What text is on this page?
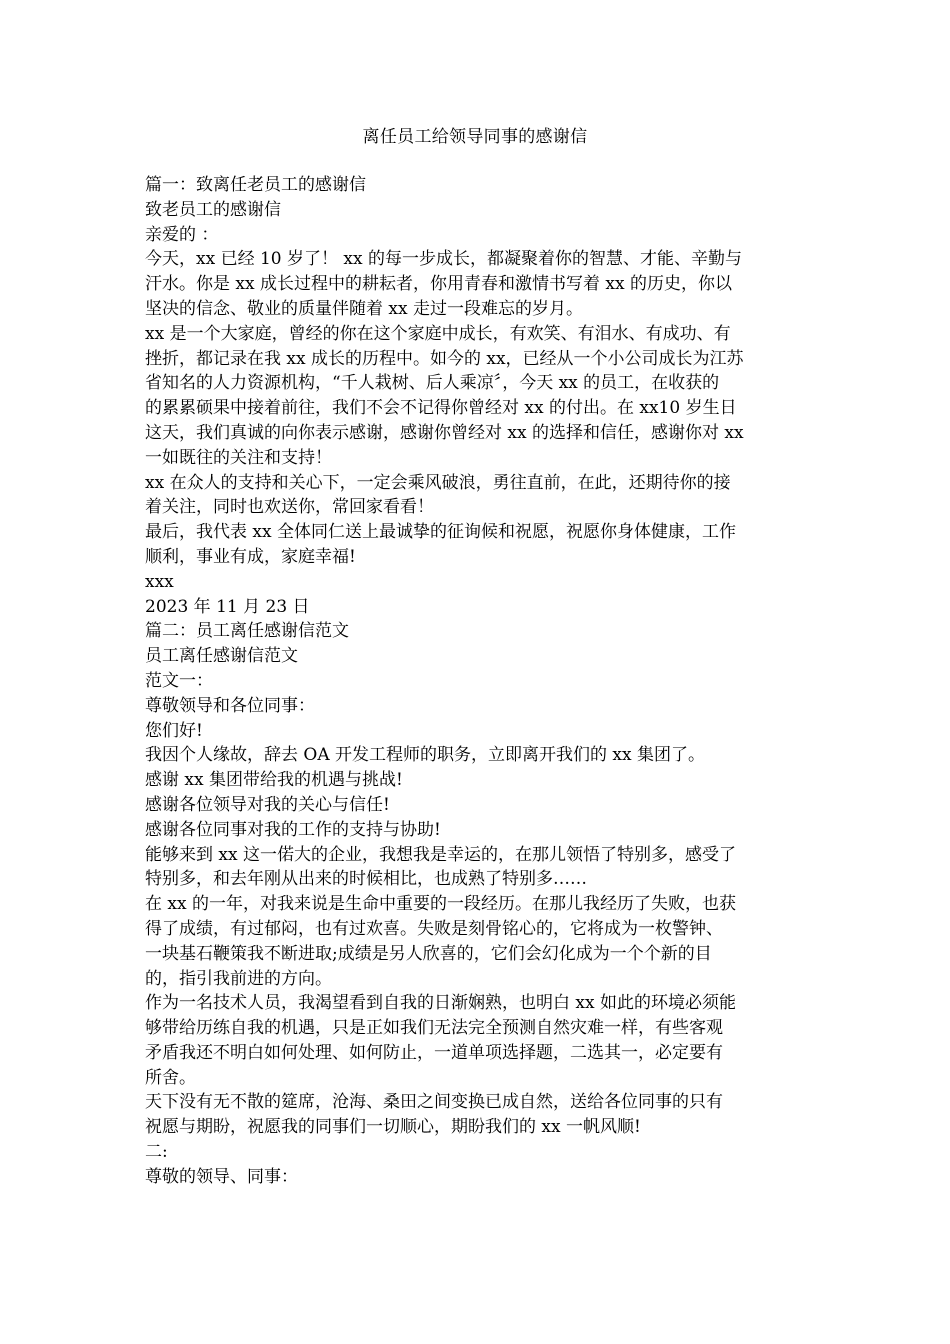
离任员工给领导同事的感谢信
篇一：致离任老员工的感谢信
致老员工的感谢信
亲爱的 ：
今天，xx 已经 10 岁了！ xx 的每一步成长，都凝聚着你的智慧、才能、辛勤与
汗水。你是 xx 成长过程中的耕耘者，你用青春和激情书写着 xx 的历史，你以
坚决的信念、敬业的质量伴随着 xx 走过一段难忘的岁月。
xx 是一个大家庭，曾经的你在这个家庭中成长，有欢笑、有泪水、有成功、有
挫折，都记录在我 xx 成长的历程中。如今的 xx，已经从一个小公司成长为江苏
省知名的人力资源机构，“千人栽树、后人乘凉〞，今天 xx 的员工，在收获的
的累累硕果中接着前往，我们不会不记得你曾经对 xx 的付出。在 xx10 岁生日
这天，我们真诚的向你表示感谢，感谢你曾经对 xx 的选择和信任，感谢你对 xx
一如既往的关注和支持！
xx 在众人的支持和关心下，一定会乘风破浪，勇往直前，在此，还期待你的接
着关注，同时也欢送你，常回家看看！
最后，我代表 xx 全体同仁送上最诚挚的征询候和祝愿，祝愿你身体健康，工作
顺利，事业有成，家庭幸福!
xxx
2023 年 11 月 23 日
篇二：员工离任感谢信范文
员工离任感谢信范文
范文一：
尊敬领导和各位同事：
您们好!
我因个人缘故，辞去 OA 开发工程师的职务，立即离开我们的 xx 集团了。
感谢 xx 集团带给我的机遇与挑战!
感谢各位领导对我的关心与信任!
感谢各位同事对我的工作的支持与协助!
能够来到 xx 这一偌大的企业，我想我是幸运的，在那儿领悟了特别多，感受了
特别多，和去年刚从出来的时候相比，也成熟了特别多……
在 xx 的一年，对我来说是生命中重要的一段经历。在那儿我经历了失败，也获
得了成绩，有过郁闷，也有过欢喜。失败是刻骨铭心的，它将成为一枚警钟、
一块基石鞭策我不断进取;成绩是另人欣喜的，它们会幻化成为一个个新的目
的，指引我前进的方向。
作为一名技术人员，我渴望看到自我的日渐娴熟，也明白 xx 如此的环境必须能
够带给历练自我的机遇，只是正如我们无法完全预测自然灾难一样，有些客观
矛盾我还不明白如何处理、如何防止，一道单项选择题，二选其一，必定要有
所舍。
天下没有无不散的筵席，沧海、桑田之间变换已成自然，送给各位同事的只有
祝愿与期盼，祝愿我的同事们一切顺心，期盼我们的 xx 一帆风顺!
二:
尊敬的领导、同事：
